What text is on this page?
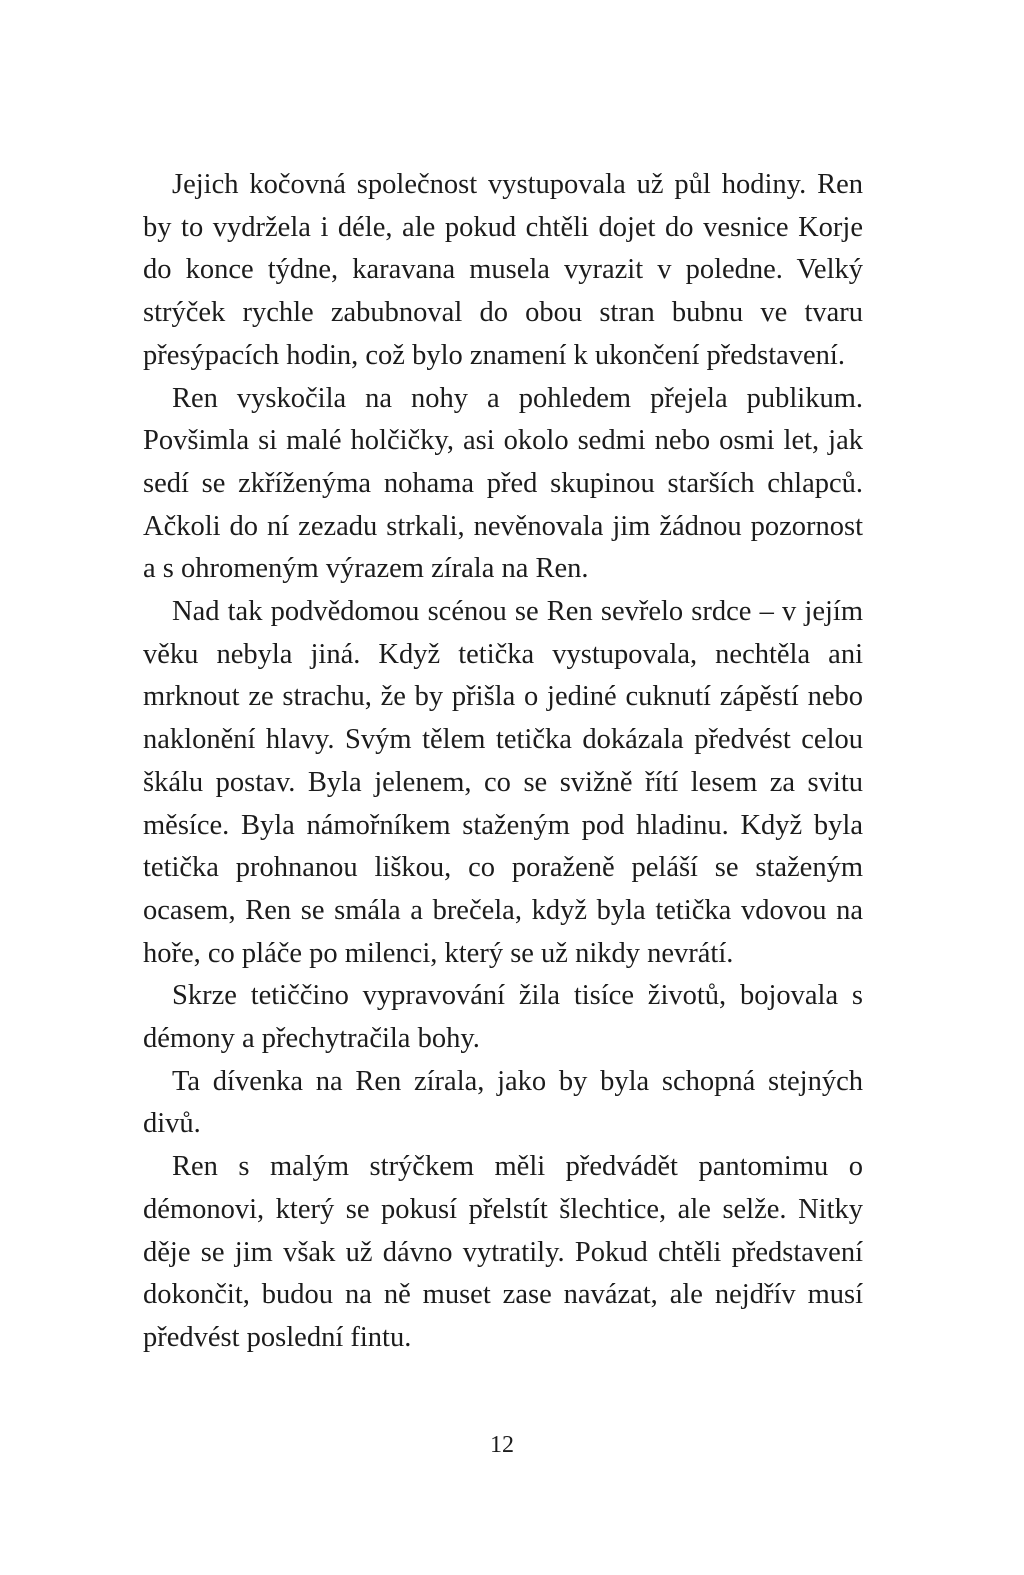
Jejich kočovná společnost vystupovala už půl hodiny. Ren by to vydržela i déle, ale pokud chtěli dojet do vesnice Korje do konce týdne, karavana musela vyrazit v poledne. Velký strýček rychle zabubnoval do obou stran bubnu ve tvaru přesýpacích hodin, což bylo znamení k ukončení představení.

Ren vyskočila na nohy a pohledem přejela publikum. Povšimla si malé holčičky, asi okolo sedmi nebo osmi let, jak sedí se zkříženýma nohama před skupinou starších chlapců. Ačkoli do ní zezadu strkali, nevěnovala jim žádnou pozornost a s ohromeným výrazem zírala na Ren.

Nad tak podvědomou scénou se Ren sevřelo srdce – v jejím věku nebyla jiná. Když tetička vystupovala, nechtěla ani mrknout ze strachu, že by přišla o jediné cuknutí zápěstí nebo naklonění hlavy. Svým tělem tetička dokázala předvést celou škálu postav. Byla jelenem, co se svižně řítí lesem za svitu měsíce. Byla námořníkem staženým pod hladinu. Když byla tetička prohnanou liškou, co poraženě peláší se staženým ocasem, Ren se smála a brečela, když byla tetička vdovou na hoře, co pláče po milenci, který se už nikdy nevrátí.

Skrze tetiččino vypravování žila tisíce životů, bojovala s démony a přechytračila bohy.

Ta dívenka na Ren zírala, jako by byla schopná stejných divů.

Ren s malým strýčkem měli předvádět pantomimu o démonovi, který se pokusí přelstít šlechtice, ale selže. Nitky děje se jim však už dávno vytratily. Pokud chtěli představení dokončit, budou na ně muset zase navázat, ale nejdřív musí předvést poslední fintu.

12
